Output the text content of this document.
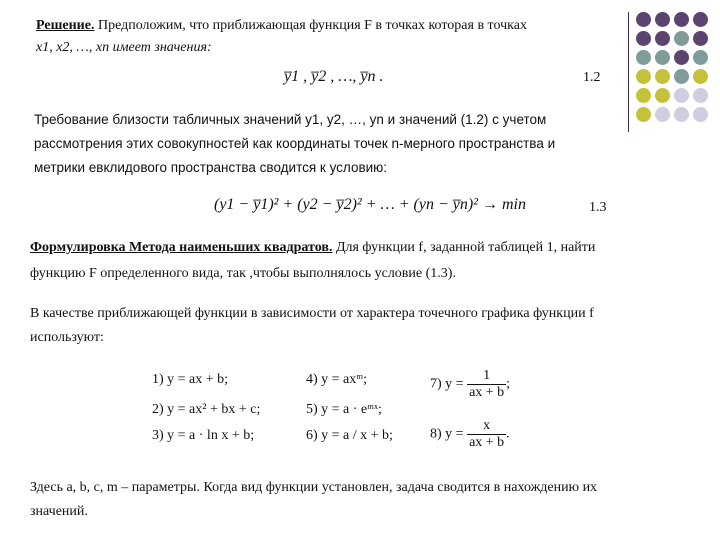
Решение. Предположим, что приближающая функция F в точках которая в точках
x1, x2, …, xn имеет значения:
y̅1 , y̅2 , …, y̅n .	1.2
Требование близости табличных значений y1, y2, …, yn и значений (1.2) с учетом
рассмотрения этих совокупностей как координаты точек n-мерного пространства и
метрики евклидового пространства сводится к условию:
(y1 − y̅1)² + (y2 − y̅2)² + … + (yn − y̅n)² → min	1.3
Формулировка Метода наименьших квадратов. Для функции f, заданной таблицей 1, найти
функцию F определенного вида, так ,чтобы выполнялось условие (1.3).
В качестве приближающей функции в зависимости от характера точечного графика функции f
используют:
1) y = ax + b;
2) y = ax² + bx + c;
3) y = a · ln x + b;
4) y = axᵐ;
5) y = a · eᵐˣ;
6) y = a / x + b;
7) $y = \frac{1}{ax + b}$ ;
8) $y = \frac{x}{ax + b}$ .
Здесь a, b, c, m – параметры. Когда вид функции установлен, задача сводится в нахождению их
значений.
